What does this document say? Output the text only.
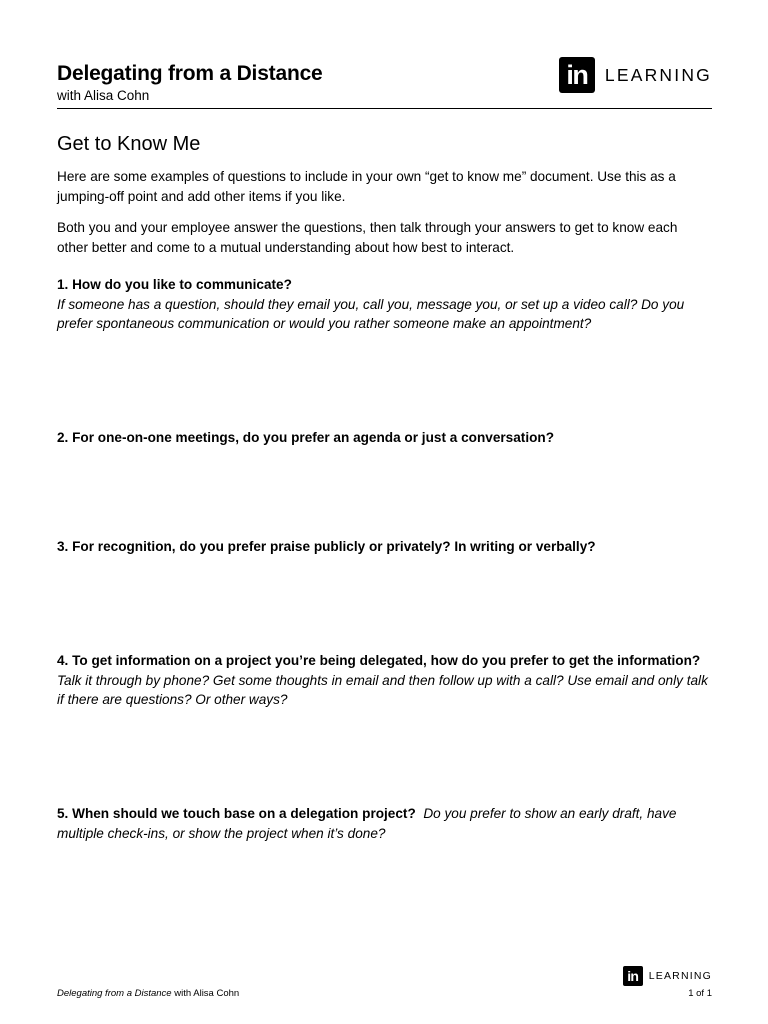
Delegating from a Distance
with Alisa Cohn
in	LEARNING
Get to Know Me

Here are some examples of questions to include in your own “get to know me” document. Use this as a jumping-off point and add other items if you like.

Both you and your employee answer the questions, then talk through your answers to get to know each other better and come to a mutual understanding about how best to interact.

1. How do you like to communicate?
If someone has a question, should they email you, call you, message you, or set up a video call? Do you prefer spontaneous communication or would you rather someone make an appointment?

2. For one-on-one meetings, do you prefer an agenda or just a conversation?

3. For recognition, do you prefer praise publicly or privately? In writing or verbally?

4. To get information on a project you’re being delegated, how do you prefer to get the information?
Talk it through by phone? Get some thoughts in email and then follow up with a call? Use email and only talk if there are questions? Or other ways?

5. When should we touch base on a delegation project? Do you prefer to show an early draft, have multiple check-ins, or show the project when it’s done?

in	LEARNING
Delegating from a Distance with Alisa Cohn	1 of 1
